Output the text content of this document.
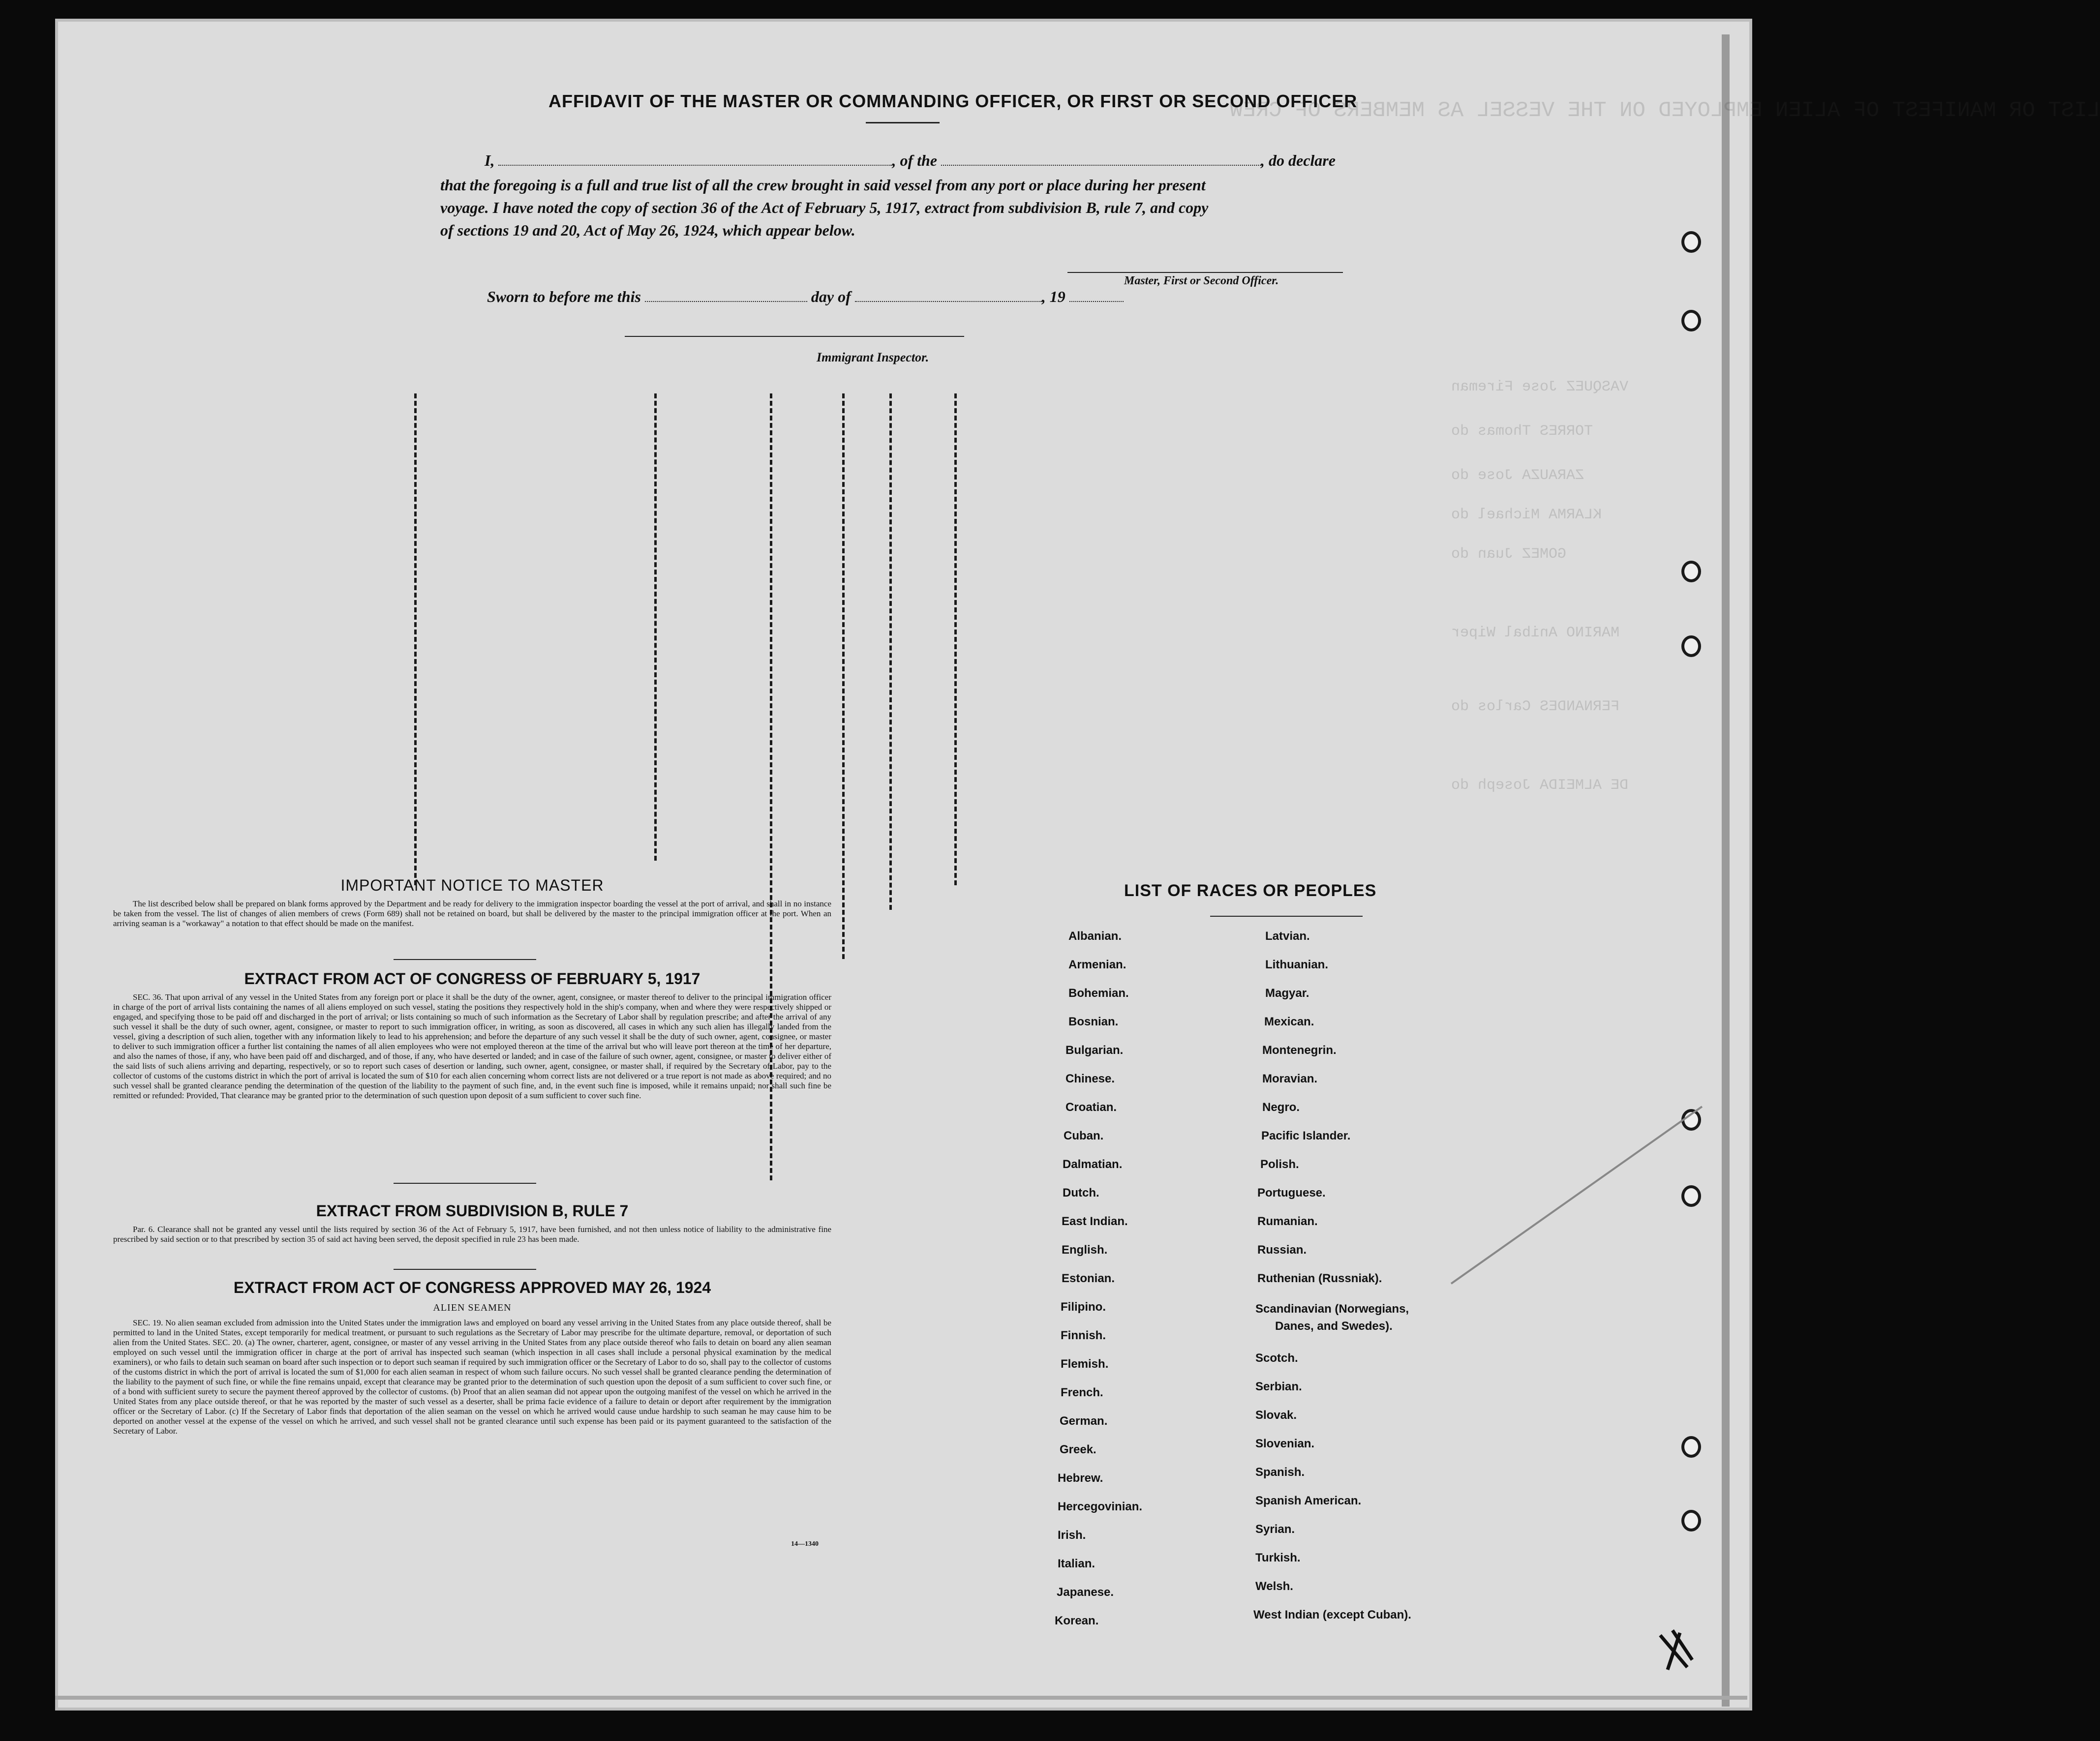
LIST OR MANIFEST OF ALIEN EMPLOYED ON THE VESSEL AS MEMBERS OF CREW
VASQUEZ Jose Fireman
TORRES Thomas do
ZARAUZA Jose do
KLARMA Michael do
GOMEZ Juan do
MARINO Anibal Wiper
FERNANDES Carlos do
DE ALMEIDA Joseph do
AFFIDAVIT OF THE MASTER OR COMMANDING OFFICER, OR FIRST OR SECOND OFFICER
I,	, of the	, do declare
that the foregoing is a full and true list of all the crew brought in said vessel from any port or place during her present
voyage. I have noted the copy of section 36 of the Act of February 5, 1917, extract from subdivision B, rule 7, and copy
of sections 19 and 20, Act of May 26, 1924, which appear below.
Master, First or Second Officer.
Sworn to before me this	day of	, 19
Immigrant Inspector.
IMPORTANT NOTICE TO MASTER
The list described below shall be prepared on blank forms approved by the Department and be ready for delivery to the immigration inspector boarding the vessel at the port of arrival, and shall in no instance be taken from the vessel. The list of changes of alien members of crews (Form 689) shall not be retained on board, but shall be delivered by the master to the principal immigration officer at the port. When an arriving seaman is a "workaway" a notation to that effect should be made on the manifest.
EXTRACT FROM ACT OF CONGRESS OF FEBRUARY 5, 1917
SEC. 36. That upon arrival of any vessel in the United States from any foreign port or place it shall be the duty of the owner, agent, consignee, or master thereof to deliver to the principal immigration officer in charge of the port of arrival lists containing the names of all aliens employed on such vessel, stating the positions they respectively hold in the ship's company, when and where they were respectively shipped or engaged, and specifying those to be paid off and discharged in the port of arrival; or lists containing so much of such information as the Secretary of Labor shall by regulation prescribe; and after the arrival of any such vessel it shall be the duty of such owner, agent, consignee, or master to report to such immigration officer, in writing, as soon as discovered, all cases in which any such alien has illegally landed from the vessel, giving a description of such alien, together with any information likely to lead to his apprehension; and before the departure of any such vessel it shall be the duty of such owner, agent, consignee, or master to deliver to such immigration officer a further list containing the names of all alien employees who were not employed thereon at the time of the arrival but who will leave port thereon at the time of her departure, and also the names of those, if any, who have been paid off and discharged, and of those, if any, who have deserted or landed; and in case of the failure of such owner, agent, consignee, or master to deliver either of the said lists of such aliens arriving and departing, respectively, or so to report such cases of desertion or landing, such owner, agent, consignee, or master shall, if required by the Secretary of Labor, pay to the collector of customs of the customs district in which the port of arrival is located the sum of $10 for each alien concerning whom correct lists are not delivered or a true report is not made as above required; and no such vessel shall be granted clearance pending the determination of the question of the liability to the payment of such fine, and, in the event such fine is imposed, while it remains unpaid; nor shall such fine be remitted or refunded: Provided, That clearance may be granted prior to the determination of such question upon deposit of a sum sufficient to cover such fine.
EXTRACT FROM SUBDIVISION B, RULE 7
Par. 6. Clearance shall not be granted any vessel until the lists required by section 36 of the Act of February 5, 1917, have been furnished, and not then unless notice of liability to the administrative fine prescribed by said section or to that prescribed by section 35 of said act having been served, the deposit specified in rule 23 has been made.
EXTRACT FROM ACT OF CONGRESS APPROVED MAY 26, 1924
ALIEN SEAMEN
SEC. 19. No alien seaman excluded from admission into the United States under the immigration laws and employed on board any vessel arriving in the United States from any place outside thereof, shall be permitted to land in the United States, except temporarily for medical treatment, or pursuant to such regulations as the Secretary of Labor may prescribe for the ultimate departure, removal, or deportation of such alien from the United States. SEC. 20. (a) The owner, charterer, agent, consignee, or master of any vessel arriving in the United States from any place outside thereof who fails to detain on board any alien seaman employed on such vessel until the immigration officer in charge at the port of arrival has inspected such seaman (which inspection in all cases shall include a personal physical examination by the medical examiners), or who fails to detain such seaman on board after such inspection or to deport such seaman if required by such immigration officer or the Secretary of Labor to do so, shall pay to the collector of customs of the customs district in which the port of arrival is located the sum of $1,000 for each alien seaman in respect of whom such failure occurs. No such vessel shall be granted clearance pending the determination of the liability to the payment of such fine, or while the fine remains unpaid, except that clearance may be granted prior to the determination of such question upon the deposit of a sum sufficient to cover such fine, or of a bond with sufficient surety to secure the payment thereof approved by the collector of customs. (b) Proof that an alien seaman did not appear upon the outgoing manifest of the vessel on which he arrived in the United States from any place outside thereof, or that he was reported by the master of such vessel as a deserter, shall be prima facie evidence of a failure to detain or deport after requirement by the immigration officer or the Secretary of Labor. (c) If the Secretary of Labor finds that deportation of the alien seaman on the vessel on which he arrived would cause undue hardship to such seaman he may cause him to be deported on another vessel at the expense of the vessel on which he arrived, and such vessel shall not be granted clearance until such expense has been paid or its payment guaranteed to the satisfaction of the Secretary of Labor.
14—1340
LIST OF RACES OR PEOPLES
Albanian.
Armenian.
Bohemian.
Bosnian.
Bulgarian.
Chinese.
Croatian.
Cuban.
Dalmatian.
Dutch.
East Indian.
English.
Estonian.
Filipino.
Finnish.
Flemish.
French.
German.
Greek.
Hebrew.
Hercegovinian.
Irish.
Italian.
Japanese.
Korean.
Latvian.
Lithuanian.
Magyar.
Mexican.
Montenegrin.
Moravian.
Negro.
Pacific Islander.
Polish.
Portuguese.
Rumanian.
Russian.
Ruthenian (Russniak).
Scandinavian (Norwegians,
Danes, and Swedes).
Scotch.
Serbian.
Slovak.
Slovenian.
Spanish.
Spanish American.
Syrian.
Turkish.
Welsh.
West Indian (except Cuban).
